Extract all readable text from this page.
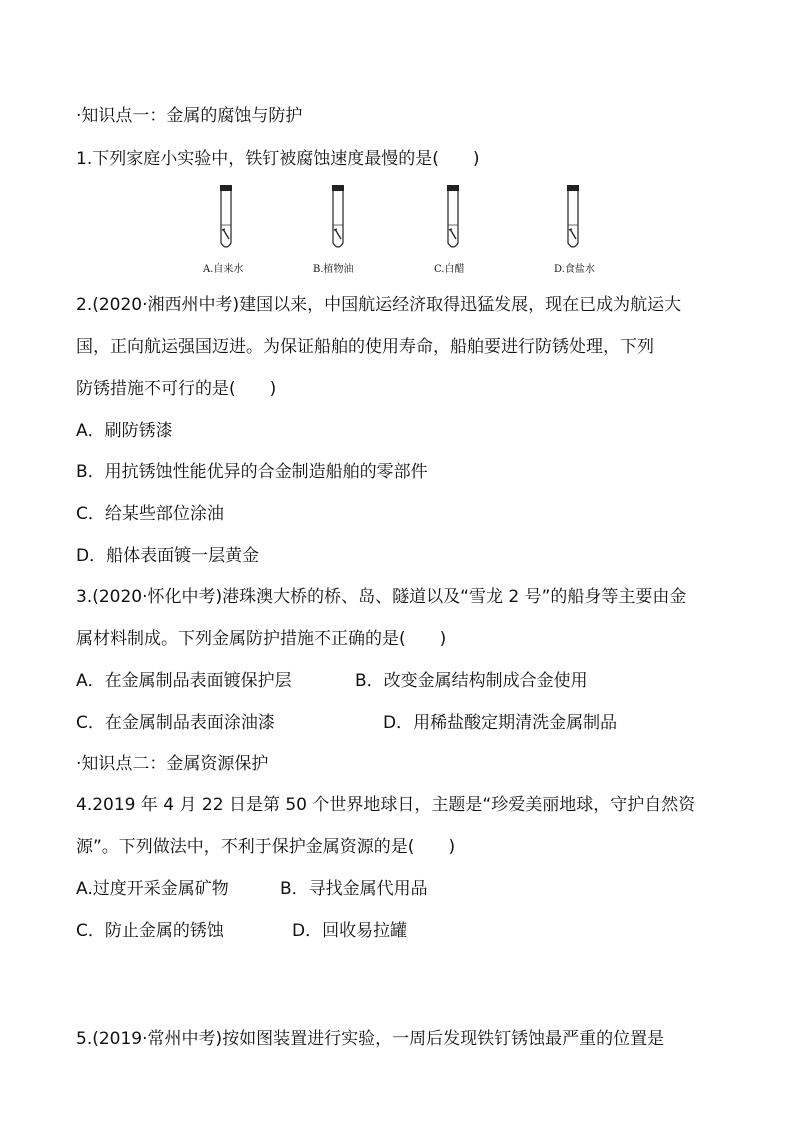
·知识点一：金属的腐蚀与防护
1.下列家庭小实验中，铁钉被腐蚀速度最慢的是(　　)
A.自来水	B.植物油	C.白醋	D.食盐水
2.(2020·湘西州中考)建国以来，中国航运经济取得迅猛发展，现在已成为航运大
国，正向航运强国迈进。为保证船舶的使用寿命，船舶要进行防锈处理，下列
防锈措施不可行的是(　　)
A．刷防锈漆
B．用抗锈蚀性能优异的合金制造船舶的零部件
C．给某些部位涂油
D．船体表面镀一层黄金
3.(2020·怀化中考)港珠澳大桥的桥、岛、隧道以及“雪龙 2 号”的船身等主要由金
属材料制成。下列金属防护措施不正确的是(　　)
A．在金属制品表面镀保护层	B．改变金属结构制成合金使用
C．在金属制品表面涂油漆	D．用稀盐酸定期清洗金属制品
·知识点二：金属资源保护
4.2019 年 4 月 22 日是第 50 个世界地球日，主题是“珍爱美丽地球，守护自然资
源”。下列做法中，不利于保护金属资源的是(　　)
A.过度开采金属矿物	B．寻找金属代用品
C．防止金属的锈蚀	D．回收易拉罐
5.(2019·常州中考)按如图装置进行实验，一周后发现铁钉锈蚀最严重的位置是
